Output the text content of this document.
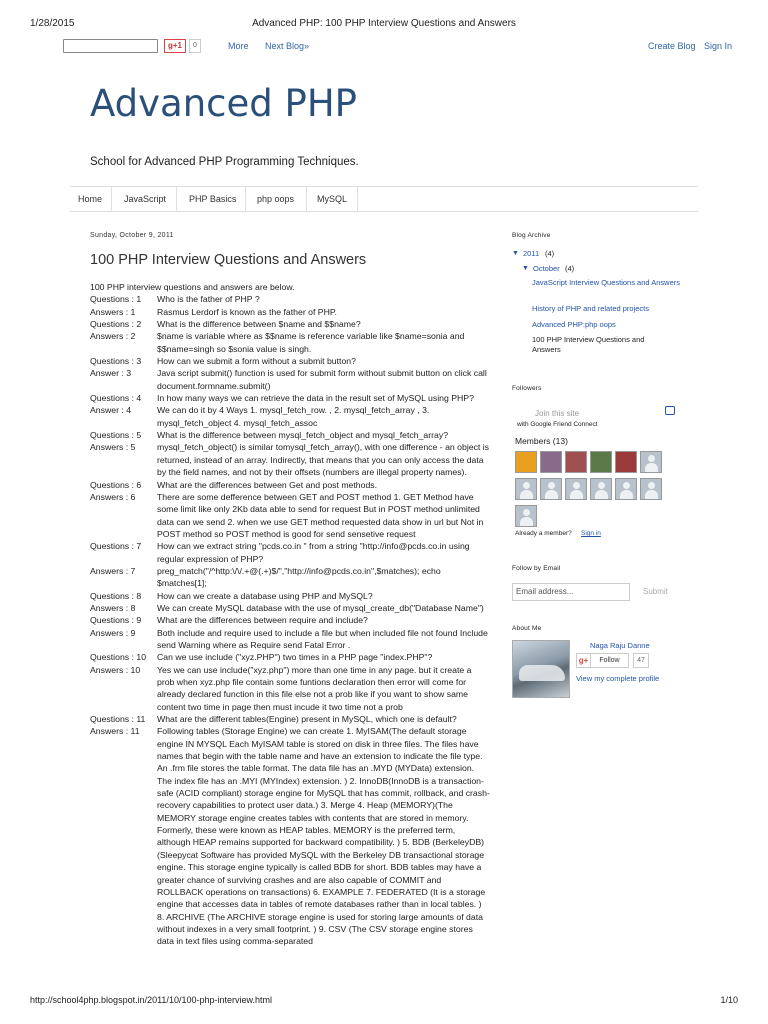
1/28/2015	Advanced PHP: 100 PHP Interview Questions and Answers
g+1	0	More Next Blog»	Create Blog Sign In
Advanced PHP
School for Advanced PHP Programming Techniques.
Home JavaScript	PHP Basics php oops	MySQL
Sunday, October 9, 2011
100 PHP Interview Questions and Answers
100 PHP interview questions and answers are below.
Questions : 1	Who is the father of PHP ?
Answers : 1	Rasmus Lerdorf is known as the father of PHP.
Questions : 2	What is the difference between $name and $$name?
Answers : 2	$name is variable where as $$name is reference variable like $name=sonia and $$name=singh so $sonia value is singh.
Questions : 3	How can we submit a form without a submit button?
Answer : 3	Java script submit() function is used for submit form without submit button on click call document.formname.submit()
Questions : 4	In how many ways we can retrieve the data in the result set of MySQL using PHP?
Answer : 4	We can do it by 4 Ways 1. mysql_fetch_row. , 2. mysql_fetch_array , 3. mysql_fetch_object 4. mysql_fetch_assoc
Questions : 5	What is the difference between mysql_fetch_object and mysql_fetch_array?
Answers : 5	mysql_fetch_object() is similar tomysql_fetch_array(), with one difference - an object is returned, instead of an array. Indirectly, that means that you can only access the data by the field names, and not by their offsets (numbers are illegal property names).
Questions : 6	What are the differences between Get and post methods.
Answers : 6	There are some defference between GET and POST method 1. GET Method have some limit like only 2Kb data able to send for request But in POST method unlimited data can we send 2. when we use GET method requested data show in url but Not in POST method so POST method is good for send sensetive request
Questions : 7	How can we extract string "pcds.co.in " from a string "http://info@pcds.co.in using regular expression of PHP?
Answers : 7	preg_match("/^http:\/\/.+@(.+)$/","http://info@pcds.co.in",$matches); echo $matches[1];
Questions : 8	How can we create a database using PHP and MySQL?
Answers : 8	We can create MySQL database with the use of mysql_create_db("Database Name")
Questions : 9	What are the differences between require and include?
Answers : 9	Both include and require used to include a file but when included file not found Include send Warning where as Require send Fatal Error .
Questions : 10	Can we use include ("xyz.PHP") two times in a PHP page "index.PHP"?
Answers : 10	Yes we can use include("xyz.php") more than one time in any page. but it create a prob when xyz.php file contain some funtions declaration then error will come for already declared function in this file else not a prob like if you want to show same content two time in page then must incude it two time not a prob
Questions : 11	What are the different tables(Engine) present in MySQL, which one is default?
Answers : 11	Following tables (Storage Engine) we can create 1. MyISAM(The default storage engine IN MYSQL Each MyISAM table is stored on disk in three files. The files have names that begin with the table name and have an extension to indicate the file type. An .frm file stores the table format. The data file has an .MYD (MYData) extension. The index file has an .MYI (MYIndex) extension. ) 2. InnoDB(InnoDB is a transaction-safe (ACID compliant) storage engine for MySQL that has commit, rollback, and crash-recovery capabilities to protect user data.) 3. Merge 4. Heap (MEMORY)(The MEMORY storage engine creates tables with contents that are stored in memory. Formerly, these were known as HEAP tables. MEMORY is the preferred term, although HEAP remains supported for backward compatibility. ) 5. BDB (BerkeleyDB)(Sleepycat Software has provided MySQL with the Berkeley DB transactional storage engine. This storage engine typically is called BDB for short. BDB tables may have a greater chance of surviving crashes and are also capable of COMMIT and ROLLBACK operations on transactions) 6. EXAMPLE 7. FEDERATED (It is a storage engine that accesses data in tables of remote databases rather than in local tables. ) 8. ARCHIVE (The ARCHIVE storage engine is used for storing large amounts of data without indexes in a very small footprint. ) 9. CSV (The CSV storage engine stores data in text files using comma-separated
Blog Archive
▼ 2011 (4)
▼ October (4)
JavaScript Interview Questions and Answers
History of PHP and related projects
Advanced PHP:php oops
100 PHP Interview Questions and Answers
Followers
Join this site
with Google Friend Connect
Members (13)
Already a member? Sign in
Follow by Email
Email address...	Submit
About Me
Naga Raju Danne
g+	Follow	47
View my complete profile
http://school4php.blogspot.in/2011/10/100-php-interview.html	1/10
